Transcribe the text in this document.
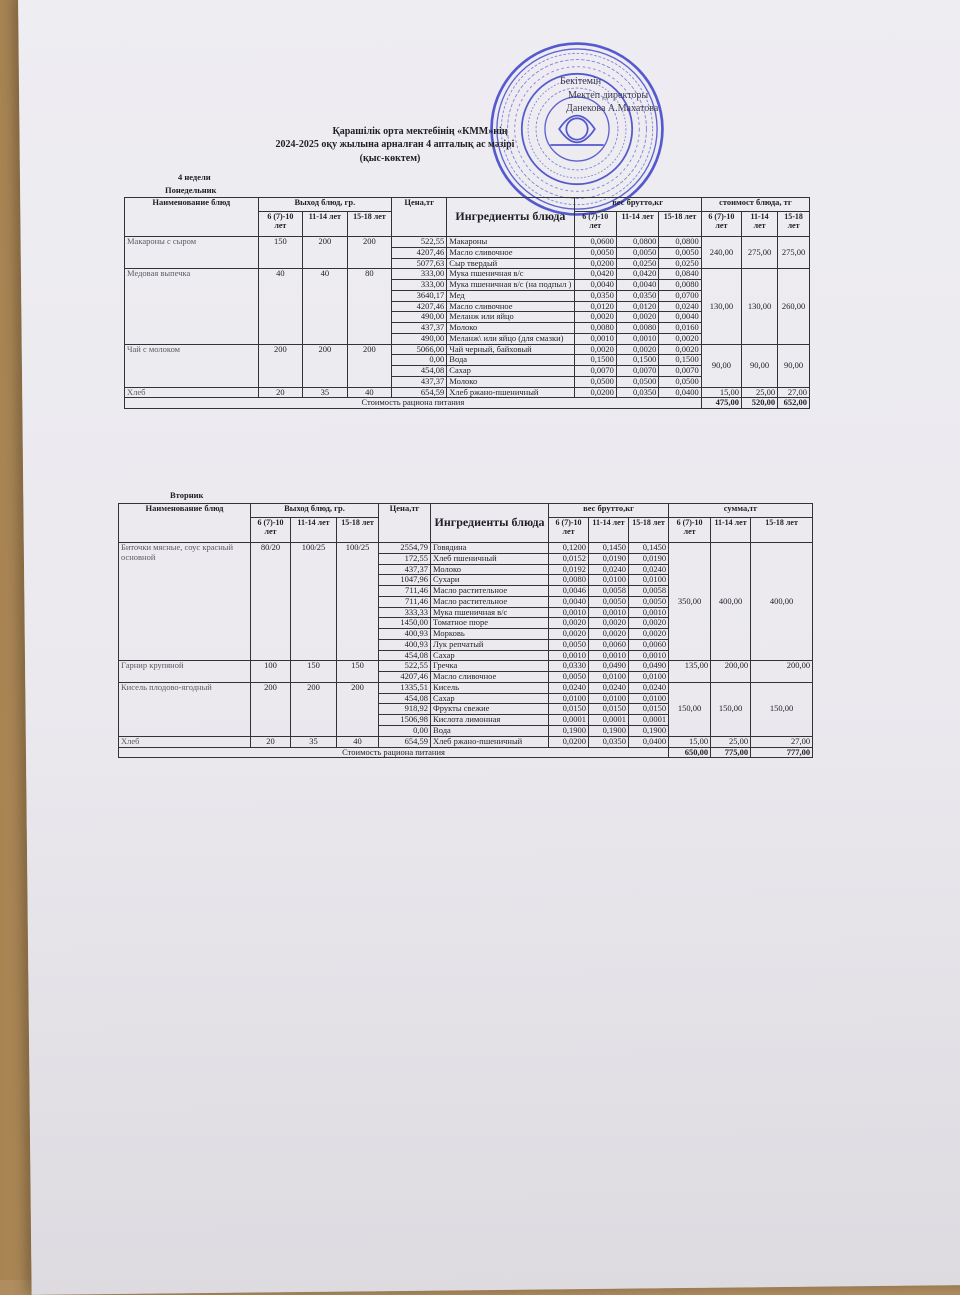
Бекітемін
Мектеп директоры
Данекова А.Махатова
Қарашілік орта мектебінің «КММ»нің
2024-2025 оқу жылына арналған 4 апталық ас мәзірі
(қыс-көктем)
4 недели
Понедельник
Наименование блюд	Выход блюд, гр.			Цена,тг	Ингредиенты блюда	вес брутто,кг			стоимост блюда, тг		
	6 (7)-10 лет	11-14 лет	15-18 лет			6 (7)-10 лет	11-14 лет	15-18 лет	6 (7)-10 лет	11-14 лет	15-18 лет
Макароны с сыром	150	200	200	522,55	Макароны	0,0600	0,0800	0,0800	240,00	275,00	275,00
				4207,46	Масло сливочное	0,0050	0,0050	0,0050			
				5077,63	Сыр твердый	0,0200	0,0250	0,0250			
Медовая выпечка	40	40	80	333,00	Мука пшеничная в/с	0,0420	0,0420	0,0840	130,00	130,00	260,00
				333,00	Мука пшеничная в/с (на подпыл )	0,0040	0,0040	0,0080			
				3640,17	Мед	0,0350	0,0350	0,0700			
				4207,46	Масло сливочное	0,0120	0,0120	0,0240			
				490,00	Меланж или яйцо	0,0020	0,0020	0,0040			
				437,37	Молоко	0,0080	0,0080	0,0160			
				490,00	Меланж\ или яйцо (для смазки)	0,0010	0,0010	0,0020			
Чай с молоком	200	200	200	5066,00	Чай черный, байховый	0,0020	0,0020	0,0020	90,00	90,00	90,00
				0,00	Вода	0,1500	0,1500	0,1500			
				454,08	Сахар	0,0070	0,0070	0,0070			
				437,37	Молоко	0,0500	0,0500	0,0500			
Хлеб	20	35	40	654,59	Хлеб ржано-пшеничный	0,0200	0,0350	0,0400	15,00	25,00	27,00
Стоимость рациона питания									475,00	520,00	652,00
Вторник
Наименование блюд	Выход блюд, гр.			Цена,тг	Ингредиенты блюда	вес брутто,кг			сумма,тг		
	6 (7)-10 лет	11-14 лет	15-18 лет			6 (7)-10 лет	11-14 лет	15-18 лет	6 (7)-10 лет	11-14 лет	15-18 лет
Биточки мясные, соус красный основной	80/20	100/25	100/25	2554,79	Говядина	0,1200	0,1450	0,1450	350,00	400,00	400,00
				172,55	Хлеб пшеничный	0,0152	0,0190	0,0190			
				437,37	Молоко	0,0192	0,0240	0,0240			
				1047,96	Сухари	0,0080	0,0100	0,0100			
				711,46	Масло растительное	0,0046	0,0058	0,0058			
				711,46	Масло растительное	0,0040	0,0050	0,0050			
				333,33	Мука пшеничная в/с	0,0010	0,0010	0,0010			
				1450,00	Томатное пюре	0,0020	0,0020	0,0020			
				400,93	Морковь	0,0020	0,0020	0,0020			
				400,93	Лук репчатый	0,0050	0,0060	0,0060			
				454,08	Сахар	0,0010	0,0010	0,0010			
Гарнир крупяной	100	150	150	522,55	Гречка	0,0330	0,0490	0,0490	135,00	200,00	200,00
				4207,46	Масло сливочное	0,0050	0,0100	0,0100			
Кисель плодово-ягодный	200	200	200	1335,51	Кисель	0,0240	0,0240	0,0240	150,00	150,00	150,00
				454,08	Сахар	0,0100	0,0100	0,0100			
				918,92	Фрукты свежие	0,0150	0,0150	0,0150			
				1506,98	Кислота лимонная	0,0001	0,0001	0,0001			
				0,00	Вода	0,1900	0,1900	0,1900			
Хлеб	20	35	40	654,59	Хлеб ржано-пшеничный	0,0200	0,0350	0,0400	15,00	25,00	27,00
Стоимость рациона питания									650,00	775,00	777,00
